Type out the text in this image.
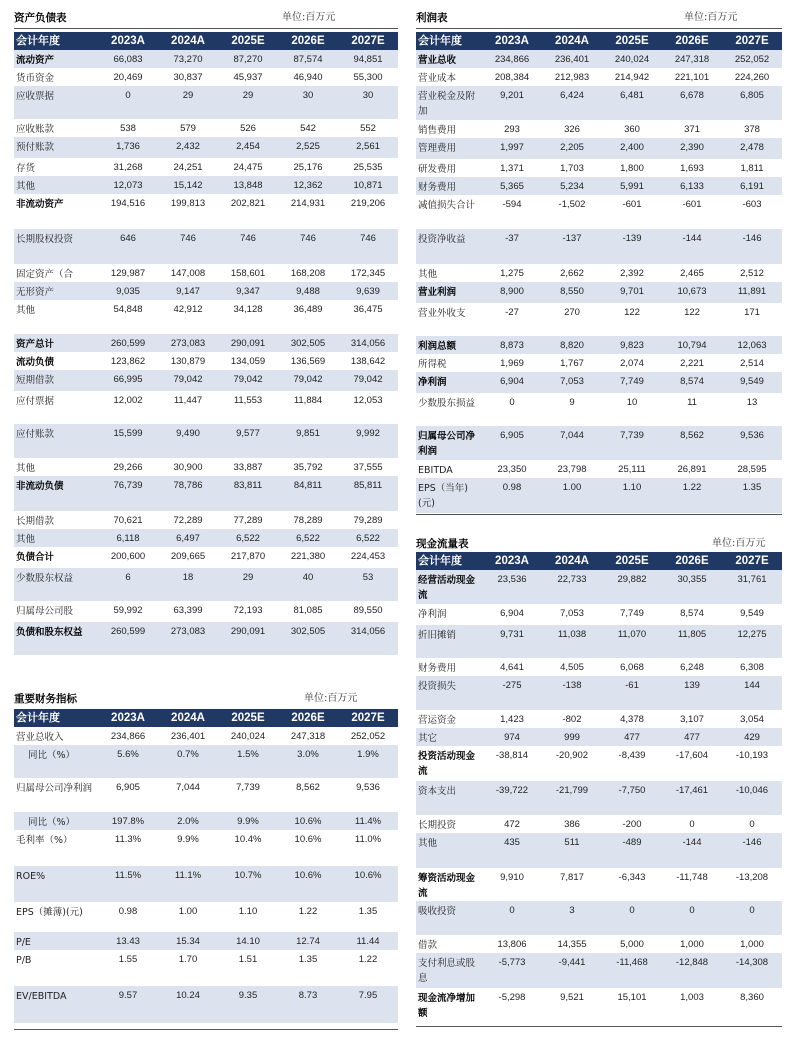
资产负债表	单位:百万元
会计年度	2023A	2024A	2025E	2026E	2027E
流动资产	66,083	73,270	87,270	87,574	94,851
货币资金	20,469	30,837	45,937	46,940	55,300
应收票据	0	29	29	30	30
应收账款	538	579	526	542	552
预付账款	1,736	2,432	2,454	2,525	2,561
存货	31,268	24,251	24,475	25,176	25,535
其他	12,073	15,142	13,848	12,362	10,871
非流动资产	194,516	199,813	202,821	214,931	219,206
长期股权投资	646	746	746	746	746
固定资产（合	129,987	147,008	158,601	168,208	172,345
无形资产	9,035	9,147	9,347	9,488	9,639
其他	54,848	42,912	34,128	36,489	36,475
资产总计	260,599	273,083	290,091	302,505	314,056
流动负债	123,862	130,879	134,059	136,569	138,642
短期借款	66,995	79,042	79,042	79,042	79,042
应付票据	12,002	11,447	11,553	11,884	12,053
应付账款	15,599	9,490	9,577	9,851	9,992
其他	29,266	30,900	33,887	35,792	37,555
非流动负债	76,739	78,786	83,811	84,811	85,811
长期借款	70,621	72,289	77,289	78,289	79,289
其他	6,118	6,497	6,522	6,522	6,522
负债合计	200,600	209,665	217,870	221,380	224,453
少数股东权益	6	18	29	40	53
归属母公司股	59,992	63,399	72,193	81,085	89,550
负债和股东权益	260,599	273,083	290,091	302,505	314,056
重要财务指标	单位:百万元
会计年度	2023A	2024A	2025E	2026E	2027E
营业总收入	234,866	236,401	240,024	247,318	252,052
同比（%）	5.6%	0.7%	1.5%	3.0%	1.9%
归属母公司净利润	6,905	7,044	7,739	8,562	9,536
同比（%）	197.8%	2.0%	9.9%	10.6%	11.4%
毛利率（%）	11.3%	9.9%	10.4%	10.6%	11.0%
ROE%	11.5%	11.1%	10.7%	10.6%	10.6%
EPS（摊薄)(元)	0.98	1.00	1.10	1.22	1.35
P/E	13.43	15.34	14.10	12.74	11.44
P/B	1.55	1.70	1.51	1.35	1.22
EV/EBITDA	9.57	10.24	9.35	8.73	7.95
利润表	单位:百万元
会计年度	2023A	2024A	2025E	2026E	2027E
营业总收	234,866	236,401	240,024	247,318	252,052
营业成本	208,384	212,983	214,942	221,101	224,260
营业税金及附加	9,201	6,424	6,481	6,678	6,805
销售费用	293	326	360	371	378
管理费用	1,997	2,205	2,400	2,390	2,478
研发费用	1,371	1,703	1,800	1,693	1,811
财务费用	5,365	5,234	5,991	6,133	6,191
减值损失合计	-594	-1,502	-601	-601	-603
投资净收益	-37	-137	-139	-144	-146
其他	1,275	2,662	2,392	2,465	2,512
营业利润	8,900	8,550	9,701	10,673	11,891
营业外收支	-27	270	122	122	171
利润总额	8,873	8,820	9,823	10,794	12,063
所得税	1,969	1,767	2,074	2,221	2,514
净利润	6,904	7,053	7,749	8,574	9,549
少数股东损益	0	9	10	11	13
归属母公司净利润	6,905	7,044	7,739	8,562	9,536
EBITDA	23,350	23,798	25,111	26,891	28,595
EPS（当年)(元)	0.98	1.00	1.10	1.22	1.35
现金流量表	单位:百万元
会计年度	2023A	2024A	2025E	2026E	2027E
经营活动现金流	23,536	22,733	29,882	30,355	31,761
净利润	6,904	7,053	7,749	8,574	9,549
折旧摊销	9,731	11,038	11,070	11,805	12,275
财务费用	4,641	4,505	6,068	6,248	6,308
投资损失	-275	-138	-61	139	144
营运资金	1,423	-802	4,378	3,107	3,054
其它	974	999	477	477	429
投资活动现金流	-38,814	-20,902	-8,439	-17,604	-10,193
资本支出	-39,722	-21,799	-7,750	-17,461	-10,046
长期投资	472	386	-200	0	0
其他	435	511	-489	-144	-146
筹资活动现金流	9,910	7,817	-6,343	-11,748	-13,208
吸收投资	0	3	0	0	0
借款	13,806	14,355	5,000	1,000	1,000
支付利息或股息	-5,773	-9,441	-11,468	-12,848	-14,308
现金流净增加额	-5,298	9,521	15,101	1,003	8,360
